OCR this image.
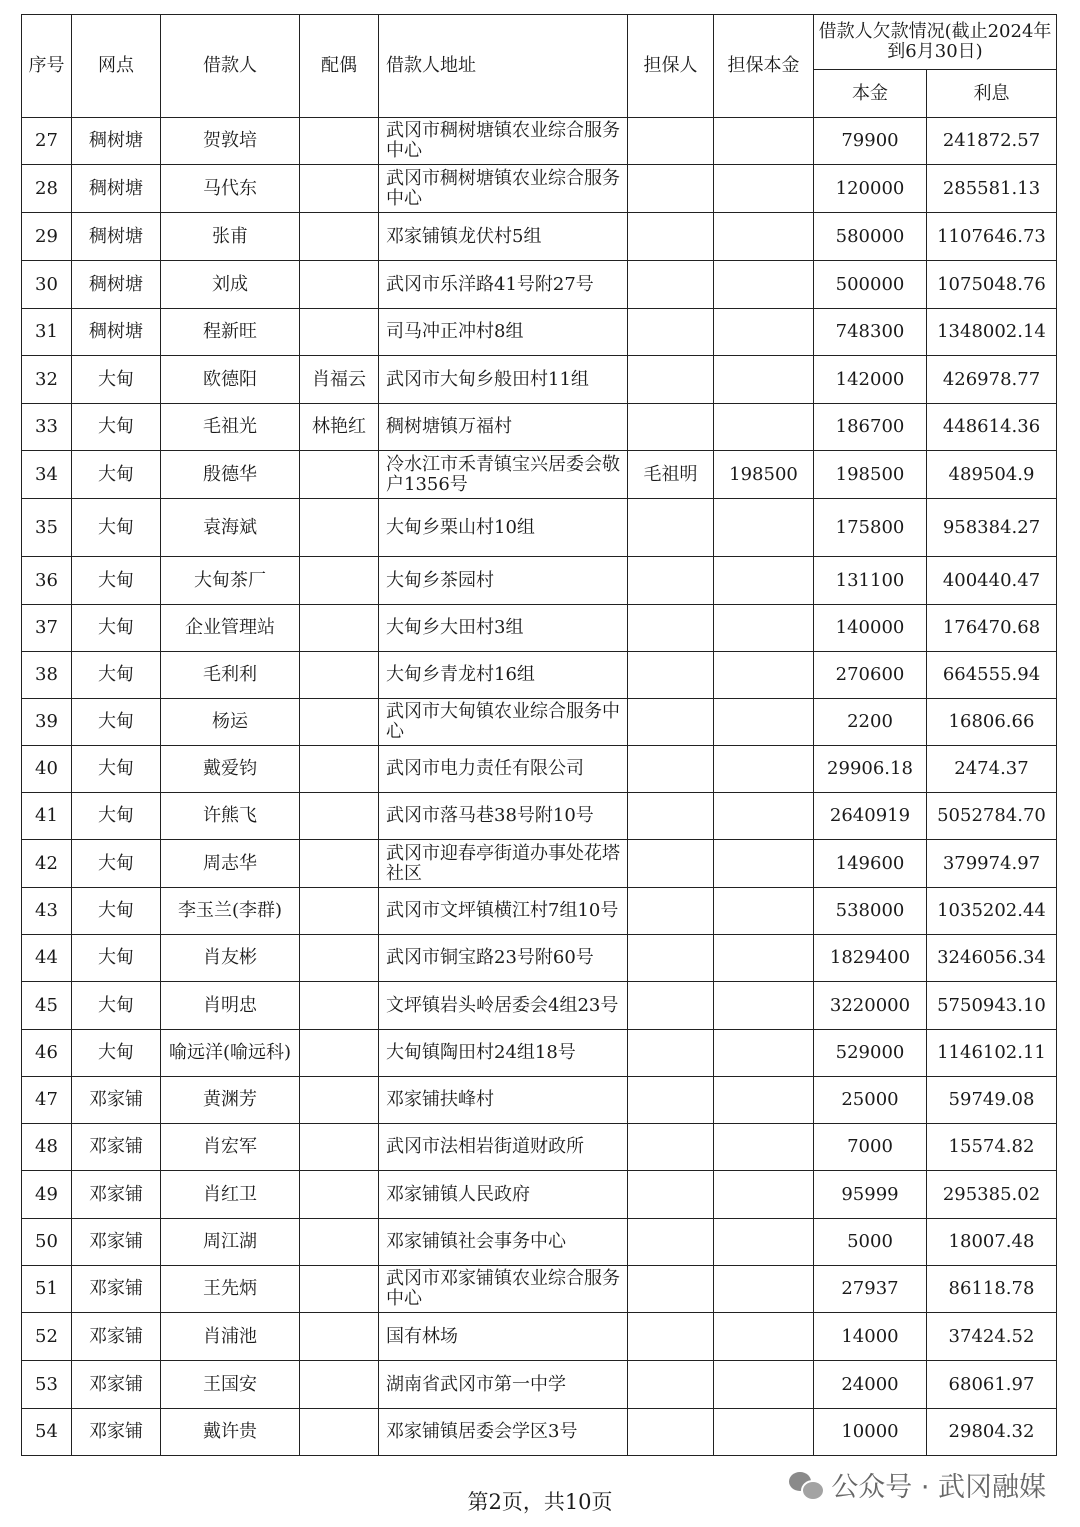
序号	网点	借款人	配偶	借款人地址	担保人	担保本金	借款人欠款情况(截止2024年到6月30日)	
							本金	利息
27	稠树塘	贺敦培		武冈市稠树塘镇农业综合服务中心			79900	241872.57
28	稠树塘	马代东		武冈市稠树塘镇农业综合服务中心			120000	285581.13
29	稠树塘	张甫		邓家铺镇龙伏村5组			580000	1107646.73
30	稠树塘	刘成		武冈市乐洋路41号附27号			500000	1075048.76
31	稠树塘	程新旺		司马冲正冲村8组			748300	1348002.14
32	大甸	欧德阳	肖福云	武冈市大甸乡般田村11组			142000	426978.77
33	大甸	毛祖光	林艳红	稠树塘镇万福村			186700	448614.36
34	大甸	殷德华		冷水江市禾青镇宝兴居委会敬户1356号	毛祖明	198500	198500	489504.9
35	大甸	袁海斌		大甸乡栗山村10组			175800	958384.27
36	大甸	大甸茶厂		大甸乡茶园村			131100	400440.47
37	大甸	企业管理站		大甸乡大田村3组			140000	176470.68
38	大甸	毛利利		大甸乡青龙村16组			270600	664555.94
39	大甸	杨运		武冈市大甸镇农业综合服务中心			2200	16806.66
40	大甸	戴爱钧		武冈市电力责任有限公司			29906.18	2474.37
41	大甸	许熊飞		武冈市落马巷38号附10号			2640919	5052784.70
42	大甸	周志华		武冈市迎春亭街道办事处花塔社区			149600	379974.97
43	大甸	李玉兰(李群)		武冈市文坪镇横江村7组10号			538000	1035202.44
44	大甸	肖友彬		武冈市铜宝路23号附60号			1829400	3246056.34
45	大甸	肖明忠		文坪镇岩头岭居委会4组23号			3220000	5750943.10
46	大甸	喻远洋(喻远科)		大甸镇陶田村24组18号			529000	1146102.11
47	邓家铺	黄渊芳		邓家铺扶峰村			25000	59749.08
48	邓家铺	肖宏军		武冈市法相岩街道财政所			7000	15574.82
49	邓家铺	肖红卫		邓家铺镇人民政府			95999	295385.02
50	邓家铺	周江湖		邓家铺镇社会事务中心			5000	18007.48
51	邓家铺	王先炳		武冈市邓家铺镇农业综合服务中心			27937	86118.78
52	邓家铺	肖浦池		国有林场			14000	37424.52
53	邓家铺	王国安		湖南省武冈市第一中学			24000	68061.97
54	邓家铺	戴许贵		邓家铺镇居委会学区3号			10000	29804.32
第2页，共10页	公众号 · 武冈融媒
